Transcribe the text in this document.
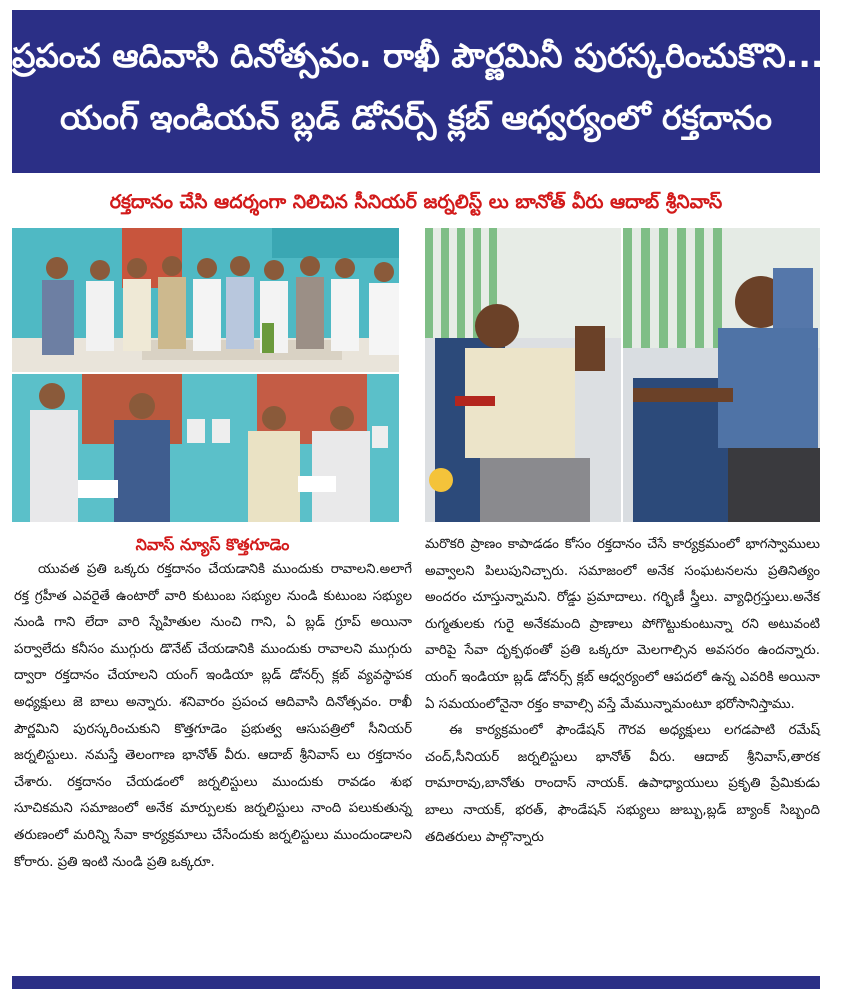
ప్రపంచ ఆదివాసి దినోత్సవం. రాఖీ పౌర్ణమినీ పురస్కరించుకొని...
యంగ్ ఇండియన్ బ్లడ్ డోనర్స్ క్లబ్ ఆధ్వర్యంలో రక్తదానం
రక్తదానం చేసి ఆదర్శంగా నిలిచిన సీనియర్ జర్నలిస్ట్ లు బానోత్ వీరు ఆదాబ్ శ్రీనివాస్
నివాస్ న్యూస్ కొత్తగూడెం

యువత ప్రతి ఒక్కరు రక్తదానం చేయడానికి ముందుకు రావాలని.అలాగే రక్త గ్రహీత ఎవరైతే ఉంటారో వారి కుటుంబ సభ్యుల నుండి కుటుంబ సభ్యుల నుండి గాని లేదా వారి స్నేహితుల నుంచి గాని, ఏ బ్లడ్ గ్రూప్ అయినా పర్వాలేదు కనీసం ముగ్గురు డొనేట్ చేయడానికి ముందుకు రావాలని ముగ్గురు ద్వారా రక్తదానం చేయాలని యంగ్ ఇండియా బ్లడ్ డోనర్స్ క్లబ్ వ్యవస్థాపక అధ్యక్షులు జె బాలు అన్నారు. శనివారం ప్రపంచ ఆదివాసి దినోత్సవం. రాఖీ పౌర్ణమిని పురస్కరించుకుని కొత్తగూడెం ప్రభుత్వ ఆసుపత్రిలో సీనియర్ జర్నలిస్టులు. నమస్తే తెలంగాణ భానోత్ వీరు. ఆదాబ్ శ్రీనివాస్ లు రక్తదానం చేశారు. రక్తదానం చేయడంలో జర్నలిస్టులు ముందుకు రావడం శుభ సూచికమని సమాజంలో అనేక మార్పులకు జర్నలిస్టులు నాంది పలుకుతున్న తరుణంలో మరిన్ని సేవా కార్యక్రమాలు చేసేందుకు జర్నలిస్టులు ముందుండాలని కోరారు. ప్రతి ఇంటి నుండి ప్రతి ఒక్కరూ.

మరొకరి ప్రాణం కాపాడడం కోసం రక్తదానం చేసే కార్యక్రమంలో భాగస్వాములు అవ్వాలని పిలుపునిచ్చారు. సమాజంలో అనేక సంఘటనలను ప్రతినిత్యం అందరం చూస్తున్నామని. రోడ్డు ప్రమాదాలు. గర్భిణీ స్త్రీలు. వ్యాధిగ్రస్తులు.అనేక రుగ్మతులకు గురై అనేకమంది ప్రాణాలు పోగొట్టుకుంటున్నా రని అటువంటి వారిపై సేవా దృక్పథంతో ప్రతి ఒక్కరూ మెలగాల్సిన అవసరం ఉందన్నారు. యంగ్ ఇండియా బ్లడ్ డోనర్స్ క్లబ్ ఆధ్వర్యంలో ఆపదలో ఉన్న ఎవరికి అయినా ఏ సమయంలోనైనా రక్తం కావాల్సి వస్తే మేమున్నామంటూ భరోసానిస్తాము.

ఈ కార్యక్రమంలో ఫౌండేషన్ గౌరవ అధ్యక్షులు లగడపాటి రమేష్ చంద్,సీనియర్ జర్నలిస్టులు భానోత్ వీరు. ఆదాబ్ శ్రీనివాస్,తారక రామారావు,బానోతు రాందాస్ నాయక్. ఉపాధ్యాయులు ప్రకృతి ప్రేమికుడు బాలు నాయక్, భరత్, ఫౌండేషన్ సభ్యులు జుబ్బు,బ్లడ్ బ్యాంక్ సిబ్బంది తదితరులు పాల్గొన్నారు
